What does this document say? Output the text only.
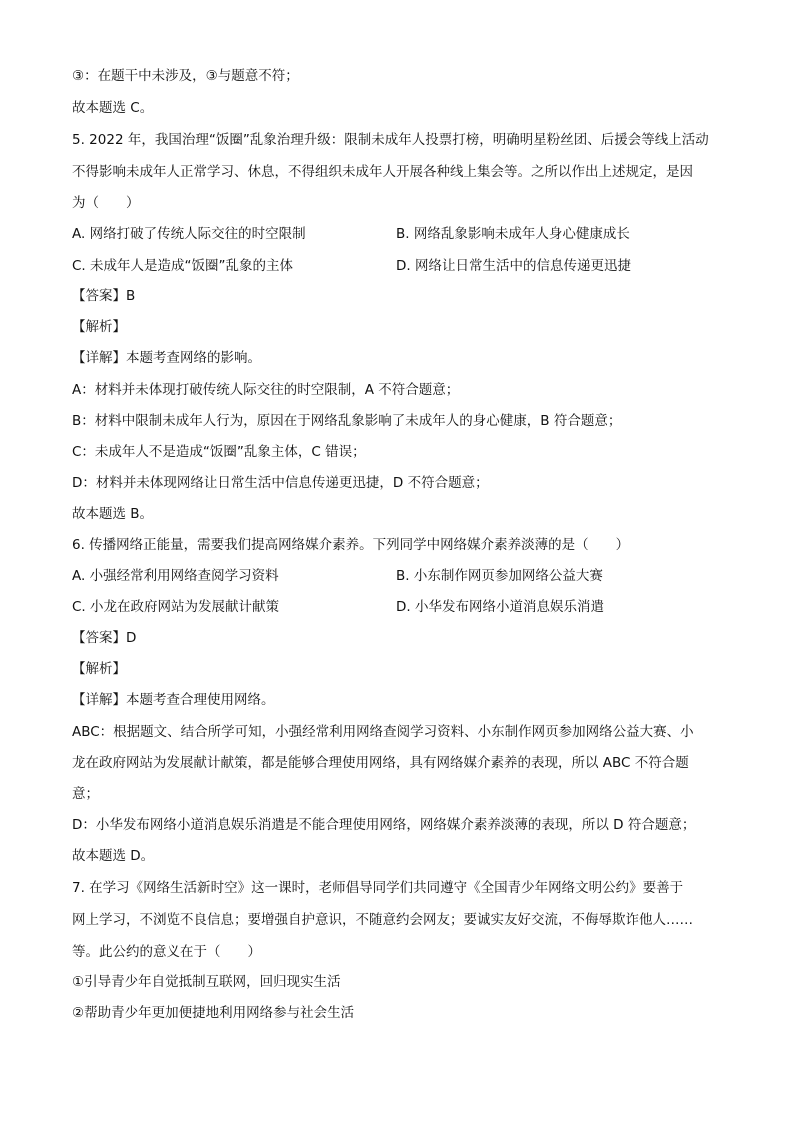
③：在题干中未涉及，③与题意不符；
故本题选 C。
5. 2022 年，我国治理“饭圈”乱象治理升级：限制未成年人投票打榜，明确明星粉丝团、后援会等线上活动
不得影响未成年人正常学习、休息，不得组织未成年人开展各种线上集会等。之所以作出上述规定，是因
为（　　）
A. 网络打破了传统人际交往的时空限制	B. 网络乱象影响未成年人身心健康成长
C. 未成年人是造成“饭圈”乱象的主体	D. 网络让日常生活中的信息传递更迅捷
【答案】B
【解析】
【详解】本题考查网络的影响。
A：材料并未体现打破传统人际交往的时空限制，A 不符合题意；
B：材料中限制未成年人行为，原因在于网络乱象影响了未成年人的身心健康，B 符合题意；
C：未成年人不是造成“饭圈”乱象主体，C 错误；
D：材料并未体现网络让日常生活中信息传递更迅捷，D 不符合题意；
故本题选 B。
6. 传播网络正能量，需要我们提高网络媒介素养。下列同学中网络媒介素养淡薄的是（　　）
A. 小强经常利用网络查阅学习资料	B. 小东制作网页参加网络公益大赛
C. 小龙在政府网站为发展献计献策	D. 小华发布网络小道消息娱乐消遣
【答案】D
【解析】
【详解】本题考查合理使用网络。
ABC：根据题文、结合所学可知，小强经常利用网络查阅学习资料、小东制作网页参加网络公益大赛、小
龙在政府网站为发展献计献策，都是能够合理使用网络，具有网络媒介素养的表现，所以 ABC 不符合题
意；
D：小华发布网络小道消息娱乐消遣是不能合理使用网络，网络媒介素养淡薄的表现，所以 D 符合题意；
故本题选 D。
7. 在学习《网络生活新时空》这一课时，老师倡导同学们共同遵守《全国青少年网络文明公约》要善于
网上学习，不浏览不良信息；要增强自护意识，不随意约会网友；要诚实友好交流，不侮辱欺诈他人……
等。此公约的意义在于（　　）
①引导青少年自觉抵制互联网，回归现实生活
②帮助青少年更加便捷地利用网络参与社会生活
